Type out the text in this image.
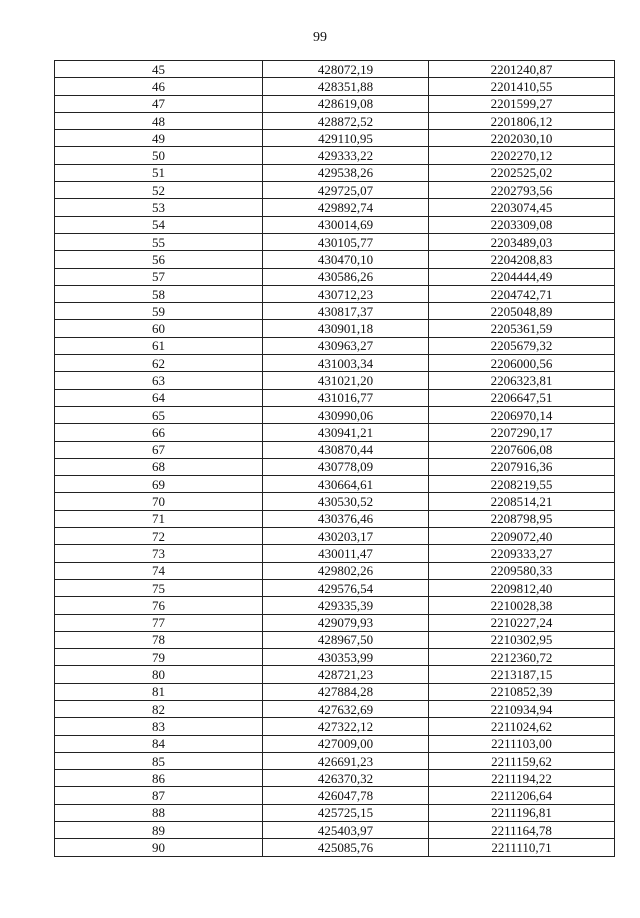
99
45	428072,19	2201240,87
46	428351,88	2201410,55
47	428619,08	2201599,27
48	428872,52	2201806,12
49	429110,95	2202030,10
50	429333,22	2202270,12
51	429538,26	2202525,02
52	429725,07	2202793,56
53	429892,74	2203074,45
54	430014,69	2203309,08
55	430105,77	2203489,03
56	430470,10	2204208,83
57	430586,26	2204444,49
58	430712,23	2204742,71
59	430817,37	2205048,89
60	430901,18	2205361,59
61	430963,27	2205679,32
62	431003,34	2206000,56
63	431021,20	2206323,81
64	431016,77	2206647,51
65	430990,06	2206970,14
66	430941,21	2207290,17
67	430870,44	2207606,08
68	430778,09	2207916,36
69	430664,61	2208219,55
70	430530,52	2208514,21
71	430376,46	2208798,95
72	430203,17	2209072,40
73	430011,47	2209333,27
74	429802,26	2209580,33
75	429576,54	2209812,40
76	429335,39	2210028,38
77	429079,93	2210227,24
78	428967,50	2210302,95
79	430353,99	2212360,72
80	428721,23	2213187,15
81	427884,28	2210852,39
82	427632,69	2210934,94
83	427322,12	2211024,62
84	427009,00	2211103,00
85	426691,23	2211159,62
86	426370,32	2211194,22
87	426047,78	2211206,64
88	425725,15	2211196,81
89	425403,97	2211164,78
90	425085,76	2211110,71
